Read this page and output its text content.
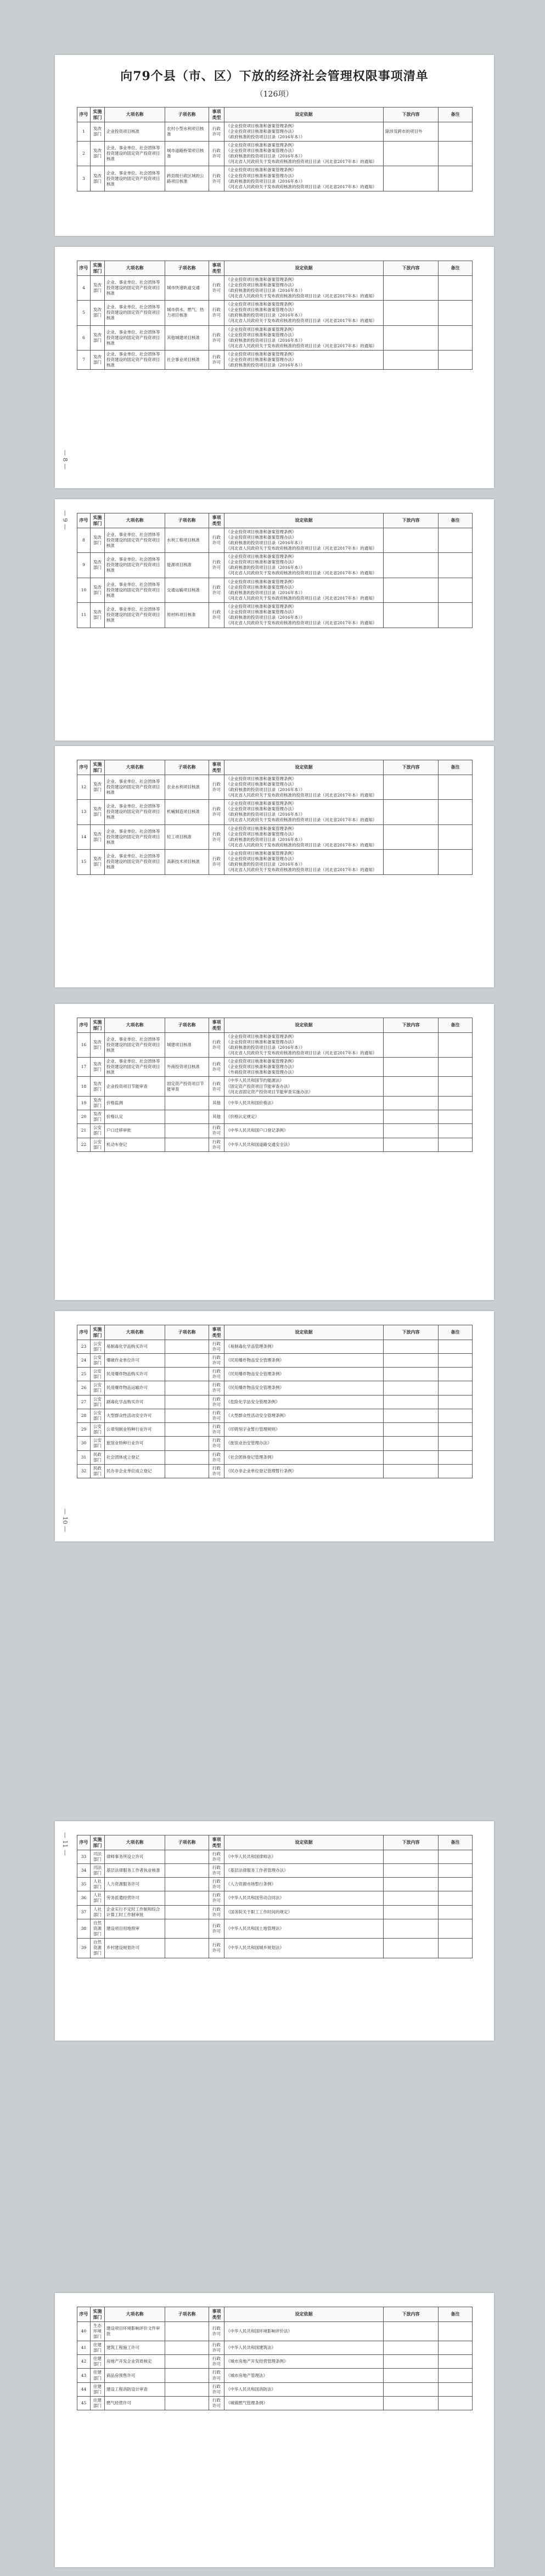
向79个县（市、区）下放的经济社会管理权限事项清单
（126项）
序号	实施部门	大项名称	子项名称	事项类型	设定依据	下放内容	备注
1	发改部门	企业投资项目核准	农村小型水利项目核准	行政许可	《企业投资项目核准和备案管理条例》
《企业投资项目核准和备案管理办法》
《政府核准的投资项目目录（2016年本）》	除涉及跨市的项目外	
2	发改部门	企业、事业单位、社会团体等投资建设的固定资产投资项目核准	城市道路桥梁项目核准	行政许可	《企业投资项目核准和备案管理条例》
《企业投资项目核准和备案管理办法》
《政府核准的投资项目目录（2016年本）》
《河北省人民政府关于发布政府核准的投资项目目录（河北省2017年本）的通知》		
3	发改部门	企业、事业单位、社会团体等投资建设的固定资产投资项目核准	跨县级行政区域的公路项目核准	行政许可	《企业投资项目核准和备案管理条例》
《企业投资项目核准和备案管理办法》
《政府核准的投资项目目录（2016年本）》
《河北省人民政府关于发布政府核准的投资项目目录（河北省2017年本）的通知》		
序号	实施部门	大项名称	子项名称	事项类型	设定依据	下放内容	备注
4	发改部门	企业、事业单位、社会团体等投资建设的固定资产投资项目核准	城市快速轨道交通	行政许可	《企业投资项目核准和备案管理条例》
《企业投资项目核准和备案管理办法》
《政府核准的投资项目目录（2016年本）》
《河北省人民政府关于发布政府核准的投资项目目录（河北省2017年本）的通知》		
5	发改部门	企业、事业单位、社会团体等投资建设的固定资产投资项目核准	城市供水、燃气、热力项目核准	行政许可	《企业投资项目核准和备案管理条例》
《企业投资项目核准和备案管理办法》
《政府核准的投资项目目录（2016年本）》
《河北省人民政府关于发布政府核准的投资项目目录（河北省2017年本）的通知》		
6	发改部门	企业、事业单位、社会团体等投资建设的固定资产投资项目核准	其他城建项目核准	行政许可	《企业投资项目核准和备案管理条例》
《企业投资项目核准和备案管理办法》
《政府核准的投资项目目录（2016年本）》
《河北省人民政府关于发布政府核准的投资项目目录（河北省2017年本）的通知》		
7	发改部门	企业、事业单位、社会团体等投资建设的固定资产投资项目核准	社会事业项目核准	行政许可	《企业投资项目核准和备案管理条例》
《企业投资项目核准和备案管理办法》
《政府核准的投资项目目录（2016年本）》		
— 8 —
序号	实施部门	大项名称	子项名称	事项类型	设定依据	下放内容	备注
8	发改部门	企业、事业单位、社会团体等投资建设的固定资产投资项目核准	水利工程项目核准	行政许可	《企业投资项目核准和备案管理条例》
《企业投资项目核准和备案管理办法》
《政府核准的投资项目目录（2016年本）》
《河北省人民政府关于发布政府核准的投资项目目录（河北省2017年本）的通知》		
9	发改部门	企业、事业单位、社会团体等投资建设的固定资产投资项目核准	能源项目核准	行政许可	《企业投资项目核准和备案管理条例》
《企业投资项目核准和备案管理办法》
《政府核准的投资项目目录（2016年本）》
《河北省人民政府关于发布政府核准的投资项目目录（河北省2017年本）的通知》		
10	发改部门	企业、事业单位、社会团体等投资建设的固定资产投资项目核准	交通运输项目核准	行政许可	《企业投资项目核准和备案管理条例》
《企业投资项目核准和备案管理办法》
《政府核准的投资项目目录（2016年本）》
《河北省人民政府关于发布政府核准的投资项目目录（河北省2017年本）的通知》		
11	发改部门	企业、事业单位、社会团体等投资建设的固定资产投资项目核准	原材料项目核准	行政许可	《企业投资项目核准和备案管理条例》
《企业投资项目核准和备案管理办法》
《政府核准的投资项目目录（2016年本）》
《河北省人民政府关于发布政府核准的投资项目目录（河北省2017年本）的通知》		
— 9 —
序号	实施部门	大项名称	子项名称	事项类型	设定依据	下放内容	备注
12	发改部门	企业、事业单位、社会团体等投资建设的固定资产投资项目核准	农业水利项目核准	行政许可	《企业投资项目核准和备案管理条例》
《企业投资项目核准和备案管理办法》
《政府核准的投资项目目录（2016年本）》
《河北省人民政府关于发布政府核准的投资项目目录（河北省2017年本）的通知》		
13	发改部门	企业、事业单位、社会团体等投资建设的固定资产投资项目核准	机械制造项目核准	行政许可	《企业投资项目核准和备案管理条例》
《企业投资项目核准和备案管理办法》
《政府核准的投资项目目录（2016年本）》
《河北省人民政府关于发布政府核准的投资项目目录（河北省2017年本）的通知》		
14	发改部门	企业、事业单位、社会团体等投资建设的固定资产投资项目核准	轻工项目核准	行政许可	《企业投资项目核准和备案管理条例》
《企业投资项目核准和备案管理办法》
《政府核准的投资项目目录（2016年本）》
《河北省人民政府关于发布政府核准的投资项目目录（河北省2017年本）的通知》		
15	发改部门	企业、事业单位、社会团体等投资建设的固定资产投资项目核准	高新技术项目核准	行政许可	《企业投资项目核准和备案管理条例》
《企业投资项目核准和备案管理办法》
《政府核准的投资项目目录（2016年本）》
《河北省人民政府关于发布政府核准的投资项目目录（河北省2017年本）的通知》		
序号	实施部门	大项名称	子项名称	事项类型	设定依据	下放内容	备注
16	发改部门	企业、事业单位、社会团体等投资建设的固定资产投资项目核准	城建项目核准	行政许可	《企业投资项目核准和备案管理条例》
《企业投资项目核准和备案管理办法》
《政府核准的投资项目目录（2016年本）》
《河北省人民政府关于发布政府核准的投资项目目录（河北省2017年本）的通知》		
17	发改部门	企业、事业单位、社会团体等投资建设的固定资产投资项目核准	外商投资项目核准	行政许可	《企业投资项目核准和备案管理条例》
《企业投资项目核准和备案管理办法》
《外商投资项目核准和备案管理办法》		
18	发改部门	企业投资项目节能审查	固定资产投资项目节能审查	行政许可	《中华人民共和国节约能源法》
《固定资产投资项目节能审查办法》
《河北省固定资产投资项目节能审查实施办法》		
19	发改部门	价格监测		其他	《中华人民共和国价格法》		
20	发改部门	价格认定		其他	《价格认定规定》		
21	公安部门	户口迁移审批		行政许可	《中华人民共和国户口登记条例》		
22	公安部门	机动车登记		行政许可	《中华人民共和国道路交通安全法》		
序号	实施部门	大项名称	子项名称	事项类型	设定依据	下放内容	备注
23	公安部门	易制毒化学品购买许可		行政许可	《易制毒化学品管理条例》		
24	公安部门	爆破作业单位许可		行政许可	《民用爆炸物品安全管理条例》		
25	公安部门	民用爆炸物品购买许可		行政许可	《民用爆炸物品安全管理条例》		
26	公安部门	民用爆炸物品运输许可		行政许可	《民用爆炸物品安全管理条例》		
27	公安部门	剧毒化学品购买许可		行政许可	《危险化学品安全管理条例》		
28	公安部门	大型群众性活动安全许可		行政许可	《大型群众性活动安全管理条例》		
29	公安部门	公章刻制业特种行业许可		行政许可	《印铸刻字业暂行管理规则》		
30	公安部门	旅馆业特种行业许可		行政许可	《旅馆业治安管理办法》		
31	民政部门	社会团体成立登记		行政许可	《社会团体登记管理条例》		
32	民政部门	民办非企业单位成立登记		行政许可	《民办非企业单位登记管理暂行条例》		
— 10 —
序号	实施部门	大项名称	子项名称	事项类型	设定依据	下放内容	备注
33	司法部门	律师事务所设立许可		行政许可	《中华人民共和国律师法》		
34	司法部门	基层法律服务工作者执业核准		行政许可	《基层法律服务工作者管理办法》		
35	人社部门	人力资源服务许可		行政许可	《人力资源市场暂行条例》		
36	人社部门	劳务派遣经营许可		行政许可	《中华人民共和国劳动合同法》		
37	人社部门	企业实行不定时工作制和综合计算工时工作制审批		行政许可	《国务院关于职工工作时间的规定》		
38	自然资源部门	建设项目用地预审		行政许可	《中华人民共和国土地管理法》		
39	自然资源部门	乡村建设规划许可		行政许可	《中华人民共和国城乡规划法》		
— 11 —
序号	实施部门	大项名称	子项名称	事项类型	设定依据	下放内容	备注
40	生态环境部门	建设项目环境影响评价文件审批		行政许可	《中华人民共和国环境影响评价法》		
41	住建部门	建筑工程施工许可		行政许可	《中华人民共和国建筑法》		
42	住建部门	房地产开发企业资质核定		行政许可	《城市房地产开发经营管理条例》		
43	住建部门	商品房预售许可		行政许可	《城市房地产管理法》		
44	住建部门	建设工程消防设计审查		行政许可	《中华人民共和国消防法》		
45	住建部门	燃气经营许可		行政许可	《城镇燃气管理条例》		
